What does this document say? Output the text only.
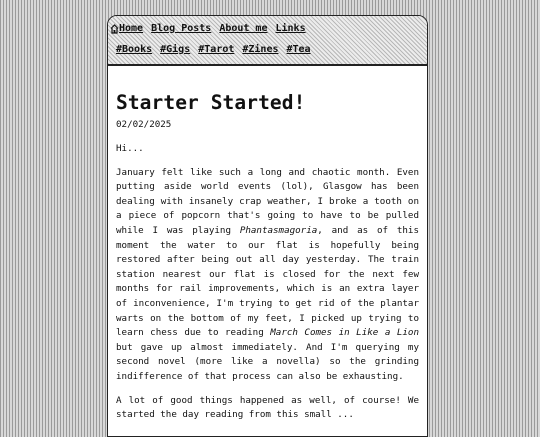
Home Blog Posts About me Links
#Books #Gigs #Tarot #Zines #Tea
Starter Started!
02/02/2025

Hi...

January felt like such a long and chaotic month. Even putting aside world events (lol), Glasgow has been dealing with insanely crap weather, I broke a tooth on a piece of popcorn that's going to have to be pulled while I was playing Phantasmagoria, and as of this moment the water to our flat is hopefully being restored after being out all day yesterday. The train station nearest our flat is closed for the next few months for rail improvements, which is an extra layer of inconvenience, I'm trying to get rid of the plantar warts on the bottom of my feet, I picked up trying to learn chess due to reading March Comes in Like a Lion but gave up almost immediately. And I'm querying my second novel (more like a novella) so the grinding indifference of that process can also be exhausting.

A lot of good things happened as well, of course! We started the day reading from this small ...
